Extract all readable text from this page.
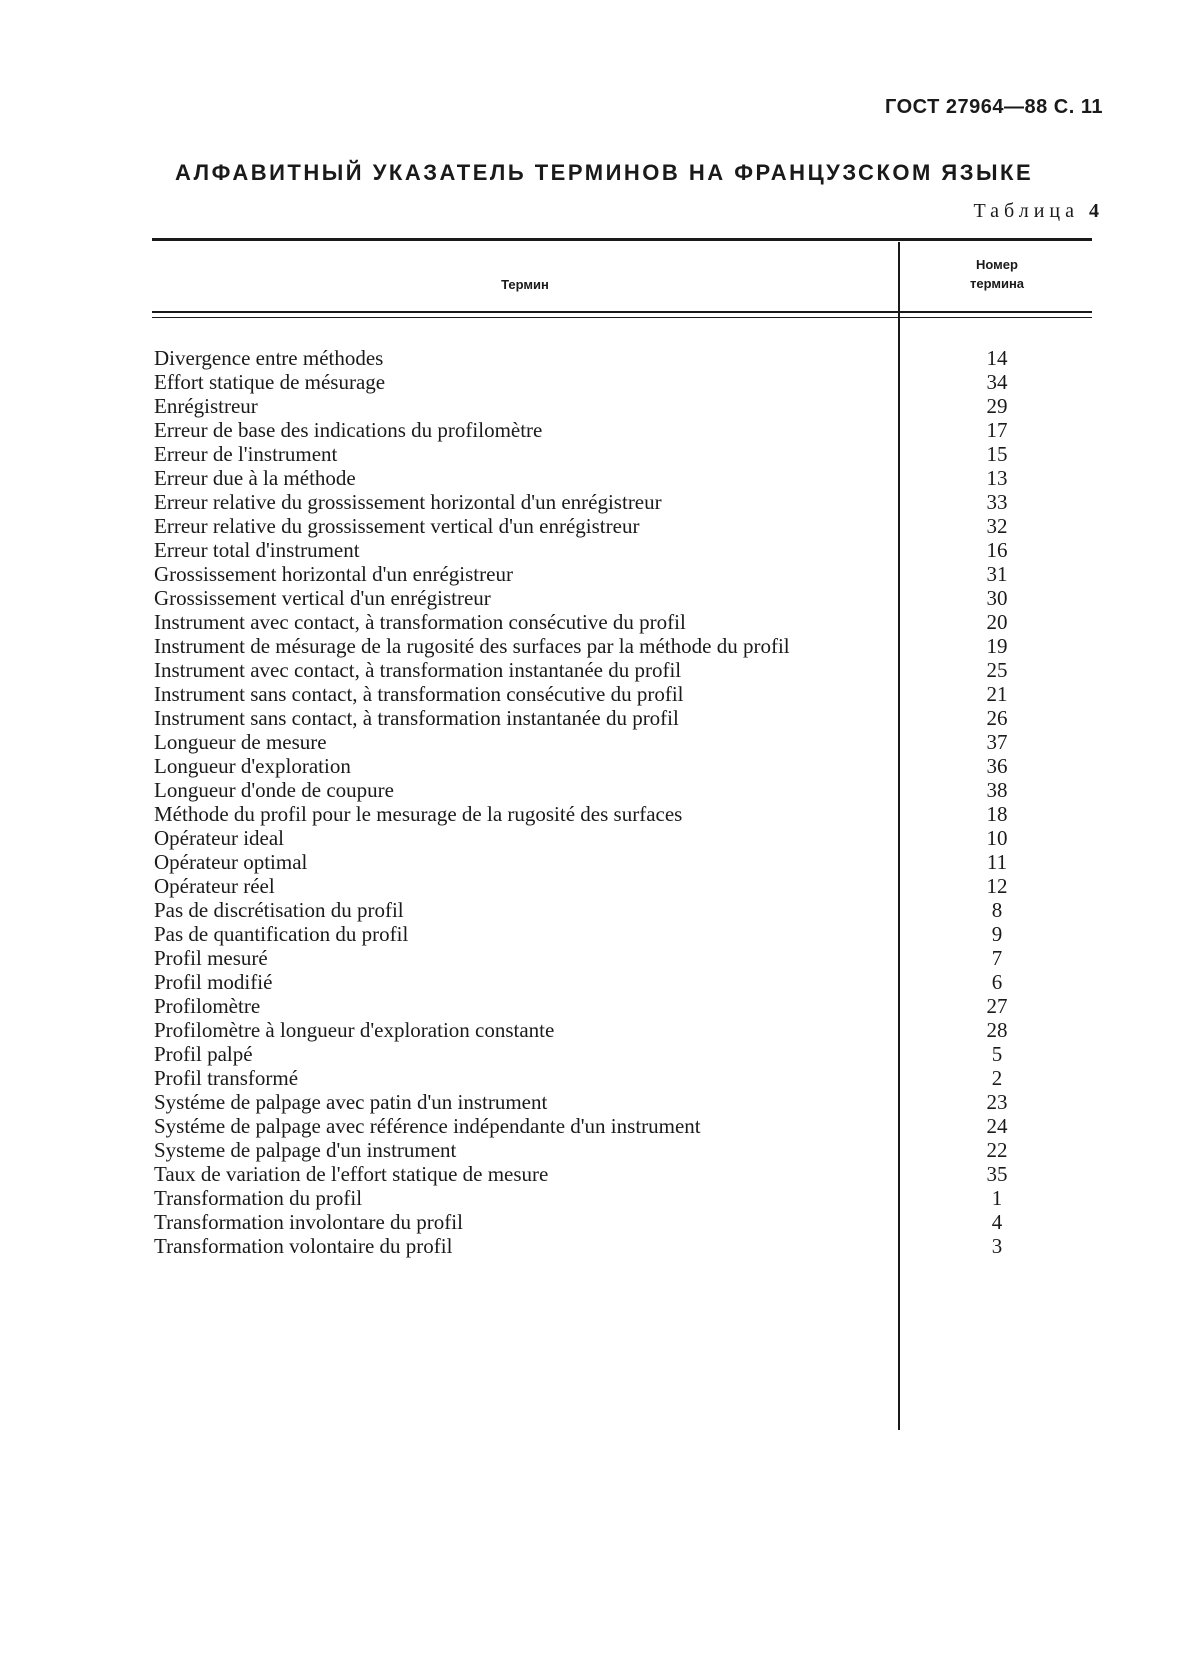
ГОСТ 27964—88 С. 11
АЛФАВИТНЫЙ УКАЗАТЕЛЬ ТЕРМИНОВ НА ФРАНЦУЗСКОМ ЯЗЫКЕ
Таблица 4
Термин
Номер
термина
Divergence entre méthodes	14
Effort statique de mésurage	34
Enrégistreur	29
Erreur de base des indications du profilomètre	17
Erreur de l'instrument	15
Erreur due à la méthode	13
Erreur relative du grossissement horizontal d'un enrégistreur	33
Erreur relative du grossissement vertical d'un enrégistreur	32
Erreur total d'instrument	16
Grossissement horizontal d'un enrégistreur	31
Grossissement vertical d'un enrégistreur	30
Instrument avec contact, à transformation consécutive du profil	20
Instrument de mésurage de la rugosité des surfaces par la méthode du profil	19
Instrument avec contact, à transformation instantanée du profil	25
Instrument sans contact, à transformation consécutive du profil	21
Instrument sans contact, à transformation instantanée du profil	26
Longueur de mesure	37
Longueur d'exploration	36
Longueur d'onde de coupure	38
Méthode du profil pour le mesurage de la rugosité des surfaces	18
Opérateur ideal	10
Opérateur optimal	11
Opérateur réel	12
Pas de discrétisation du profil	8
Pas de quantification du profil	9
Profil mesuré	7
Profil modifié	6
Profilomètre	27
Profilomètre à longueur d'exploration constante	28
Profil palpé	5
Profil transformé	2
Systéme de palpage avec patin d'un instrument	23
Systéme de palpage avec référence indépendante d'un instrument	24
Systeme de palpage d'un instrument	22
Taux de variation de l'effort statique de mesure	35
Transformation du profil	1
Transformation involontare du profil	4
Transformation volontaire du profil	3
